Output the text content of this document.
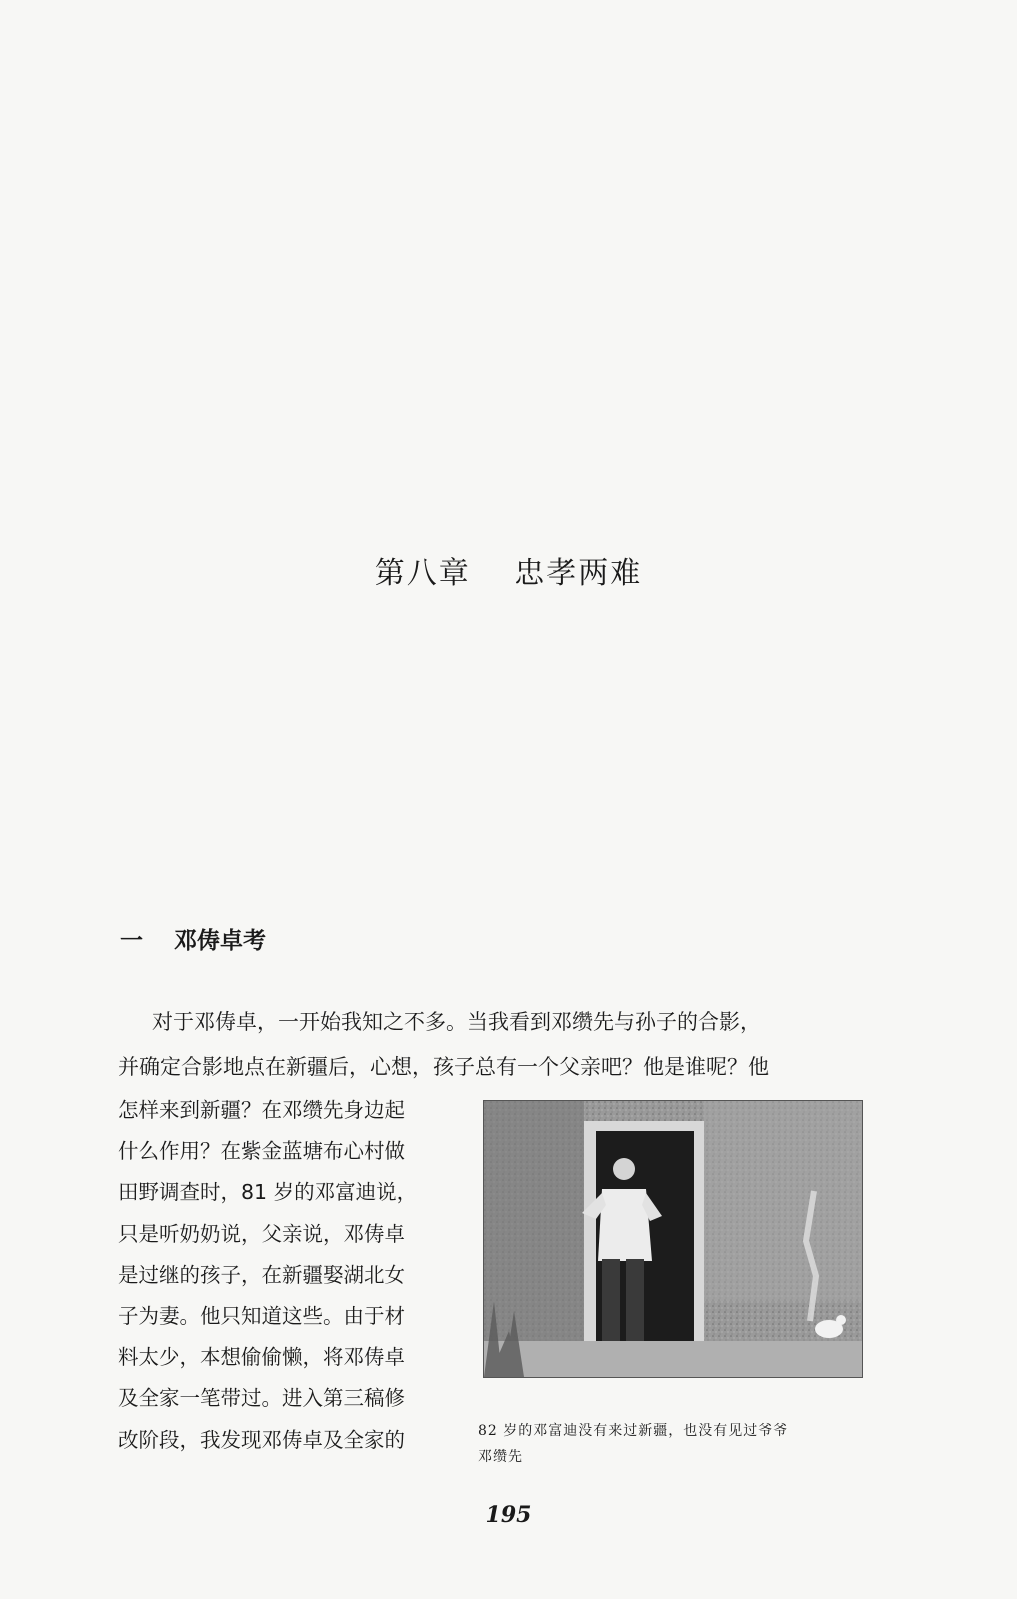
第八章　 忠孝两难
一　 邓俦卓考
对于邓俦卓，一开始我知之不多。当我看到邓缵先与孙子的合影，
并确定合影地点在新疆后，心想，孩子总有一个父亲吧？他是谁呢？他
怎样来到新疆？在邓缵先身边起
什么作用？在紫金蓝塘布心村做
田野调查时，81 岁的邓富迪说，
只是听奶奶说，父亲说，邓俦卓
是过继的孩子，在新疆娶湖北女
子为妻。他只知道这些。由于材
料太少，本想偷偷懒，将邓俦卓
及全家一笔带过。进入第三稿修
改阶段，我发现邓俦卓及全家的	82 岁的邓富迪没有来过新疆，也没有见过爷爷
邓缵先
195
